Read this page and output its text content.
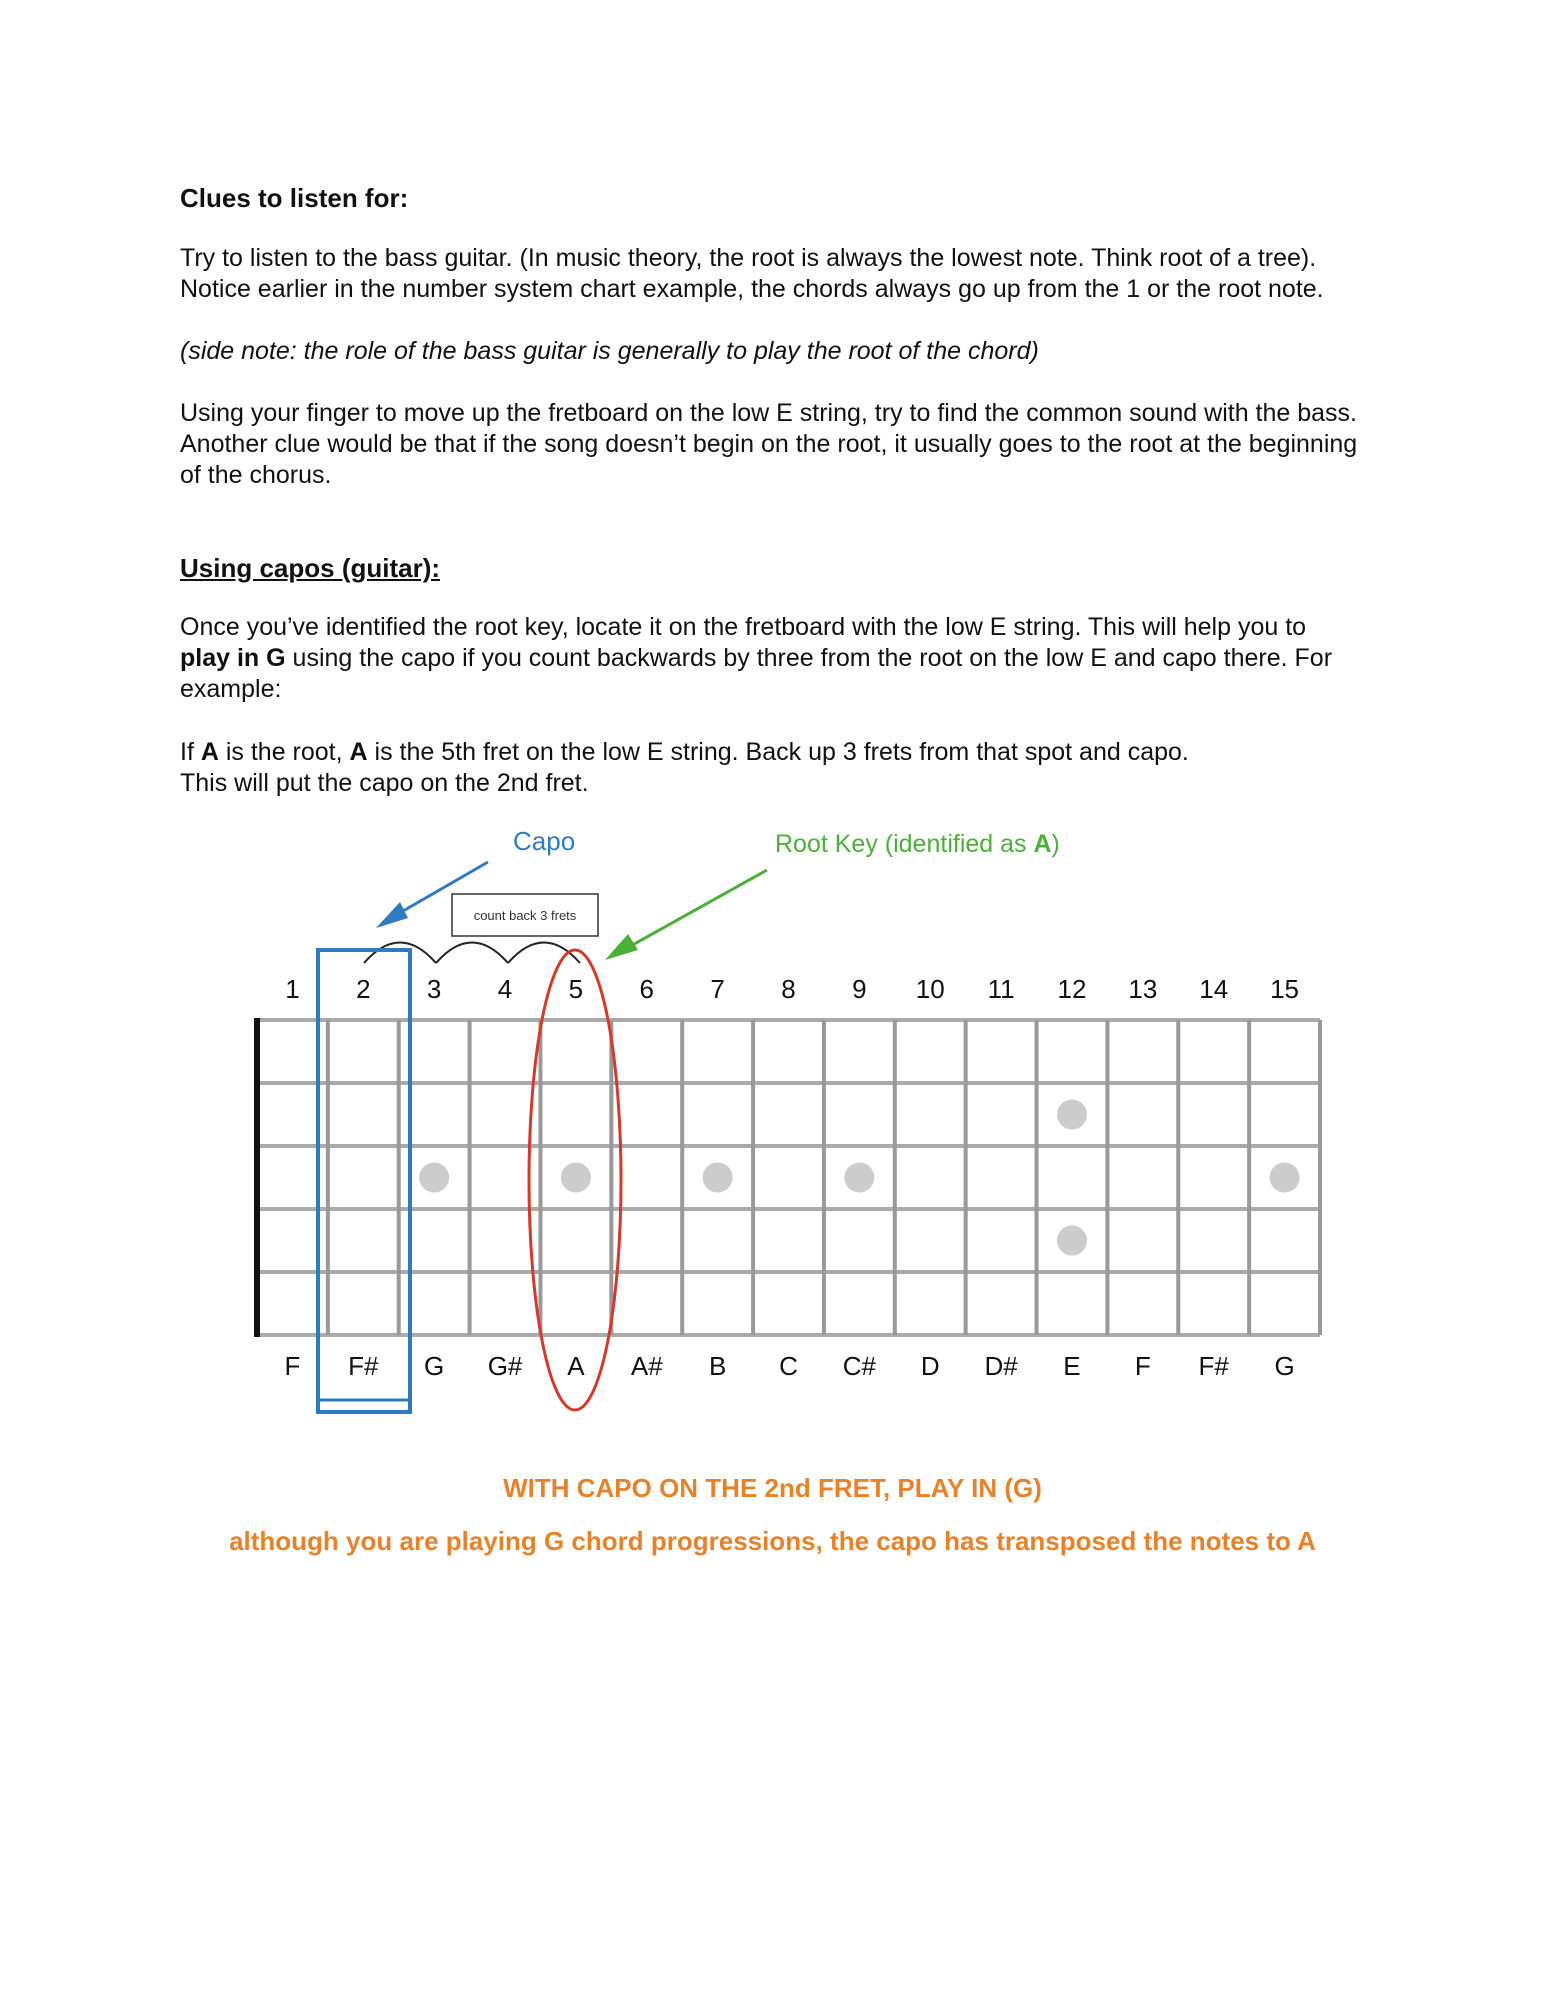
Clues to listen for:

Try to listen to the bass guitar. (In music theory, the root is always the lowest note. Think root of a tree). Notice earlier in the number system chart example, the chords always go up from the 1 or the root note.

(side note: the role of the bass guitar is generally to play the root of the chord)

Using your finger to move up the fretboard on the low E string, try to find the common sound with the bass. Another clue would be that if the song doesn’t begin on the root, it usually goes to the root at the beginning of the chorus.

Using capos (guitar):

Once you’ve identified the root key, locate it on the fretboard with the low E string. This will help you to play in G using the capo if you count backwards by three from the root on the low E and capo there. For example:

If A is the root, A is the 5th fret on the low E string. Back up 3 frets from that spot and capo.
This will put the capo on the 2nd fret.

Capo	Root Key (identified as A)
count back 3 frets
1
F
2
F#
3
G
4
G#
5
A
6
A#
7
B
8
C
9
C#
10
D
11
D#
12
E
13
F
14
F#
15
G

WITH CAPO ON THE 2nd FRET, PLAY IN (G)

although you are playing G chord progressions, the capo has transposed the notes to A
